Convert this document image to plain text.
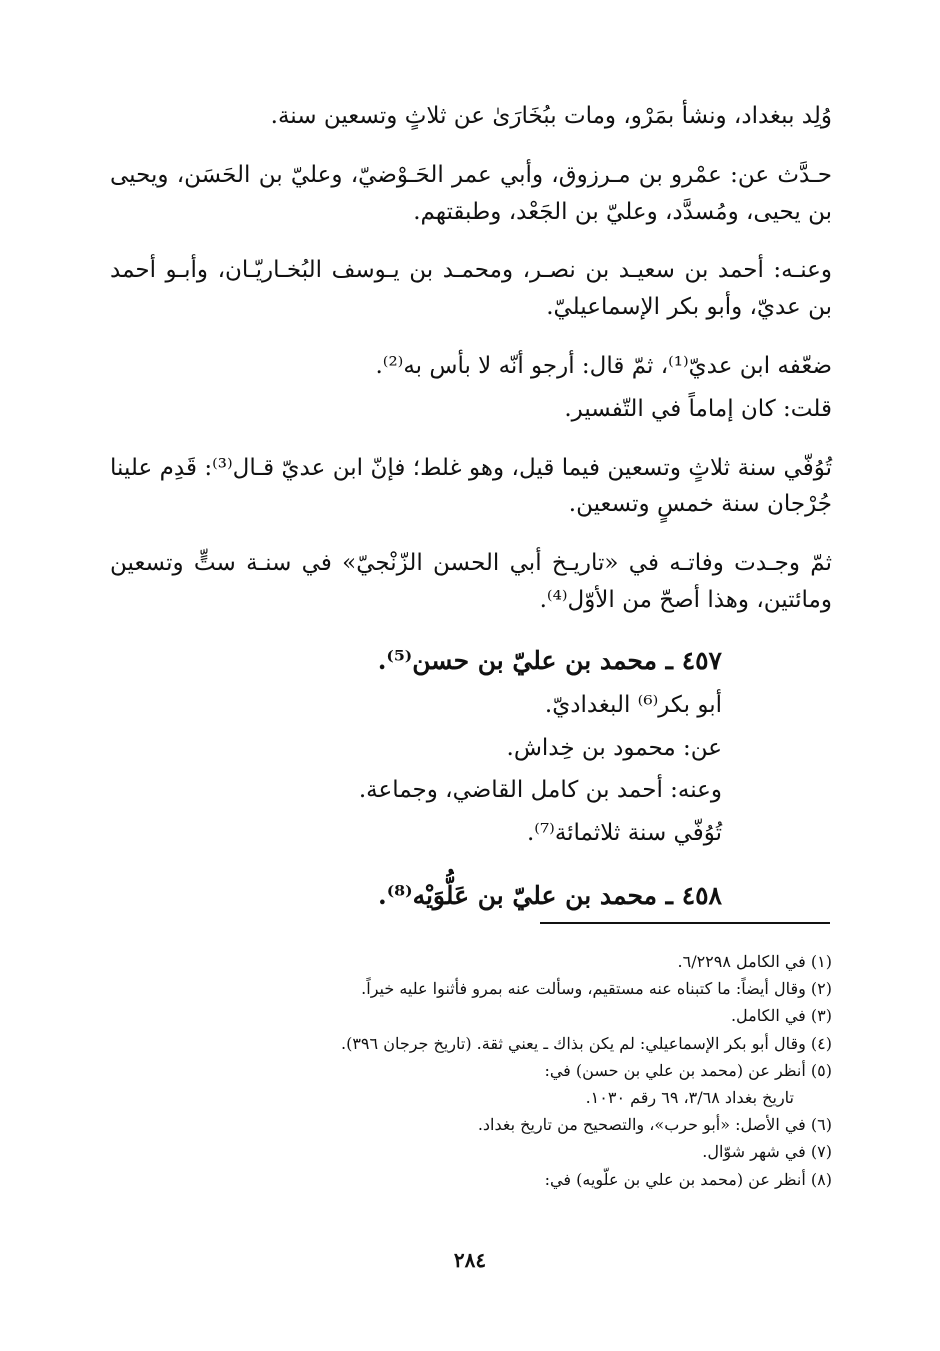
وُلِد ببغداد، ونشأ بمَرْو، ومات ببُخَارَىٰ عن ثلاثٍ وتسعين سنة.

حـدَّث عن: عمْرو بن مـرزوق، وأبي عمر الحَـوْضيّ، وعليّ بن الحَسَن، ويحيى بن يحيى، ومُسدَّد، وعليّ بن الجَعْد، وطبقتهم.

وعنـه: أحمد بن سعيـد بن نصـر، ومحمـد بن يـوسف البُخـاريّـان، وأبـو أحمد بن عديّ، وأبو بكر الإسماعيليّ.

ضعّفه ابن عديّ⁽¹⁾، ثمّ قال: أرجو أنّه لا بأس به⁽²⁾.

قلت: كان إماماً في التّفسير.

تُوُفّي سنة ثلاثٍ وتسعين فيما قيل، وهو غلط؛ فإنّ ابن عديّ قـال⁽³⁾: قَدِم علينا جُرْجان سنة خمسٍ وتسعين.

ثمّ وجـدت وفاتـه في «تاريـخ أبي الحسن الزّنْجيّ» في سنـة ستٍّ وتسعين ومائتين، وهذا أصحّ من الأوّل⁽⁴⁾.

٤٥٧ ـ محمد بن عليّ بن حسن⁽⁵⁾.
أبو بكر⁽⁶⁾ البغداديّ.
عن: محمود بن خِداش.
وعنه: أحمد بن كامل القاضي، وجماعة.
تُوُفّي سنة ثلاثمائة⁽⁷⁾.
٤٥٨ ـ محمد بن عليّ بن عَلُّوَيْه⁽⁸⁾.

(١) في الكامل ٦/٢٢٩٨.

(٢) وقال أيضاً: ما كتبناه عنه مستقيم، وسألت عنه بمرو فأثنوا عليه خيراً.

(٣) في الكامل.

(٤) وقال أبو بكر الإسماعيلي: لم يكن بذاك ـ يعني ثقة. (تاريخ جرجان ٣٩٦).

(٥) أنظر عن (محمد بن علي بن حسن) في:

تاريخ بغداد ٣/٦٨، ٦٩ رقم ١٠٣٠.

(٦) في الأصل: «أبو حرب»، والتصحيح من تاريخ بغداد.

(٧) في شهر شوّال.

(٨) أنظر عن (محمد بن علي بن علّويه) في:

٢٨٤
